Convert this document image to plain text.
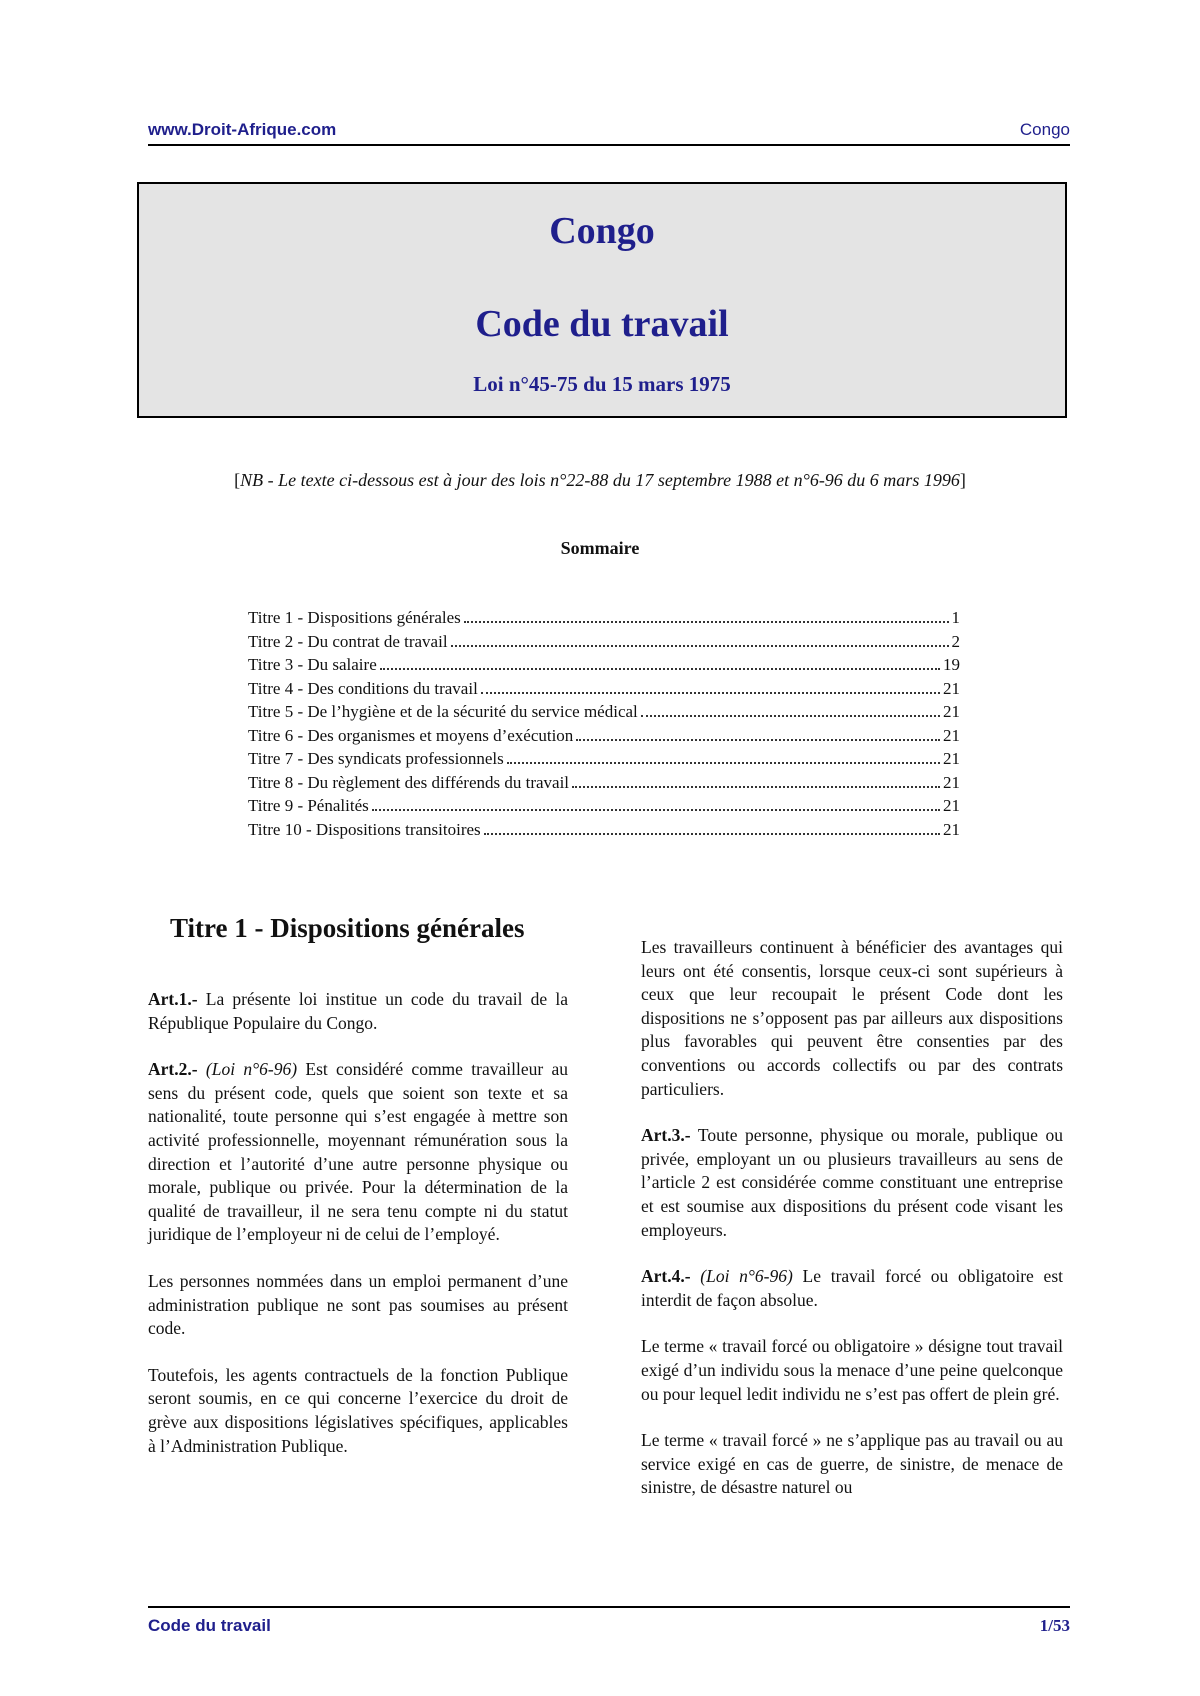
www.Droit-Afrique.com	Congo
Congo
Code du travail
Loi n°45-75 du 15 mars 1975
[NB - Le texte ci-dessous est à jour des lois n°22-88 du 17 septembre 1988 et n°6-96 du 6 mars 1996]
Sommaire
Titre 1 - Dispositions générales	1
Titre 2 - Du contrat de travail	2
Titre 3 - Du salaire	19
Titre 4 - Des conditions du travail	21
Titre 5 - De l’hygiène et de la sécurité du service médical	21
Titre 6 - Des organismes et moyens d’exécution	21
Titre 7 - Des syndicats professionnels	21
Titre 8 - Du règlement des différends du travail	21
Titre 9 - Pénalités	21
Titre 10 - Dispositions transitoires	21
Titre 1 - Dispositions générales

Art.1.- La présente loi institue un code du travail de la République Populaire du Congo.

Art.2.- (Loi n°6-96) Est considéré comme travailleur au sens du présent code, quels que soient son texte et sa nationalité, toute personne qui s’est engagée à mettre son activité professionnelle, moyennant rémunération sous la direction et l’autorité d’une autre personne physique ou morale, publique ou privée. Pour la détermination de la qualité de travailleur, il ne sera tenu compte ni du statut juridique de l’employeur ni de celui de l’employé.

Les personnes nommées dans un emploi permanent d’une administration publique ne sont pas soumises au présent code.

Toutefois, les agents contractuels de la fonction Publique seront soumis, en ce qui concerne l’exercice du droit de grève aux dispositions législatives spécifiques, applicables à l’Administration Publique.

Les travailleurs continuent à bénéficier des avantages qui leurs ont été consentis, lorsque ceux-ci sont supérieurs à ceux que leur recoupait le présent Code dont les dispositions ne s’opposent pas par ailleurs aux dispositions plus favorables qui peuvent être consenties par des conventions ou accords collectifs ou par des contrats particuliers.

Art.3.- Toute personne, physique ou morale, publique ou privée, employant un ou plusieurs travailleurs au sens de l’article 2 est considérée comme constituant une entreprise et est soumise aux dispositions du présent code visant les employeurs.

Art.4.- (Loi n°6-96) Le travail forcé ou obligatoire est interdit de façon absolue.

Le terme « travail forcé ou obligatoire » désigne tout travail exigé d’un individu sous la menace d’une peine quelconque ou pour lequel ledit individu ne s’est pas offert de plein gré.

Le terme « travail forcé » ne s’applique pas au travail ou au service exigé en cas de guerre, de sinistre, de menace de sinistre, de désastre naturel ou

Code du travail	1/53
